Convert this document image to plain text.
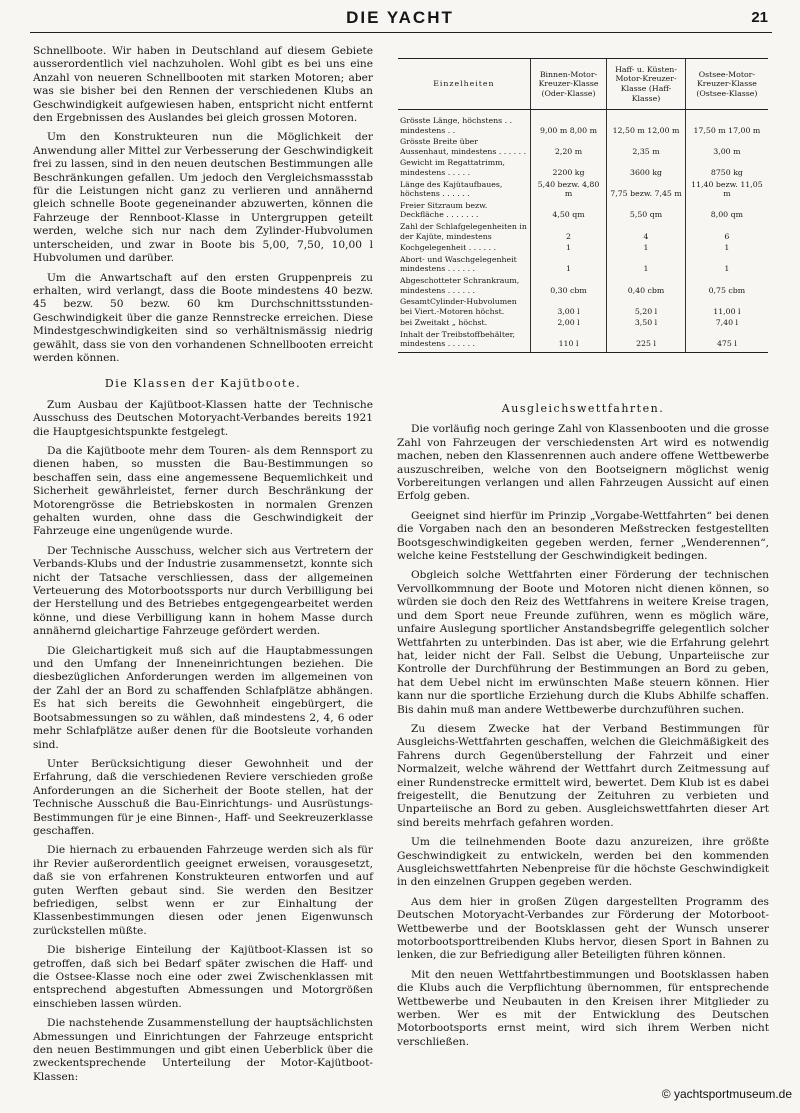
DIE YACHT	21

Schnellboote. Wir haben in Deutschland auf diesem Gebiete ausserordentlich viel nachzuholen. Wohl gibt es bei uns eine Anzahl von neueren Schnellbooten mit starken Motoren; aber was sie bisher bei den Rennen der verschiedenen Klubs an Geschwindigkeit aufgewiesen haben, entspricht nicht entfernt den Ergebnissen des Auslandes bei gleich grossen Motoren.

Um den Konstrukteuren nun die Möglichkeit der Anwendung aller Mittel zur Verbesserung der Geschwindigkeit frei zu lassen, sind in den neuen deutschen Bestimmungen alle Beschränkungen gefallen. Um jedoch den Vergleichsmassstab für die Leistungen nicht ganz zu verlieren und annähernd gleich schnelle Boote gegeneinander abzuwerten, können die Fahrzeuge der Rennboot-Klasse in Untergruppen geteilt werden, welche sich nur nach dem Zylinder-Hubvolumen unterscheiden, und zwar in Boote bis 5,00, 7,50, 10,00 l Hubvolumen und darüber.

Um die Anwartschaft auf den ersten Gruppenpreis zu erhalten, wird verlangt, dass die Boote mindestens 40 bezw. 45 bezw. 50 bezw. 60 km Durchschnittsstunden-Geschwindigkeit über die ganze Rennstrecke erreichen. Diese Mindestgeschwindigkeiten sind so verhältnismässig niedrig gewählt, dass sie von den vorhandenen Schnellbooten erreicht werden können.

Die Klassen der Kajütboote.

Zum Ausbau der Kajütboot-Klassen hatte der Technische Ausschuss des Deutschen Motoryacht-Verbandes bereits 1921 die Hauptgesichtspunkte festgelegt.

Da die Kajütboote mehr dem Touren- als dem Rennsport zu dienen haben, so mussten die Bau-Bestimmungen so beschaffen sein, dass eine angemessene Bequemlichkeit und Sicherheit gewährleistet, ferner durch Beschränkung der Motorengrösse die Betriebskosten in normalen Grenzen gehalten wurden, ohne dass die Geschwindigkeit der Fahrzeuge eine ungenügende wurde.

Der Technische Ausschuss, welcher sich aus Vertretern der Verbands-Klubs und der Industrie zusammensetzt, konnte sich nicht der Tatsache verschliessen, dass der allgemeinen Verteuerung des Motorbootssports nur durch Verbilligung bei der Herstellung und des Betriebes entgegengearbeitet werden könne, und diese Verbilligung kann in hohem Masse durch annähernd gleichartige Fahrzeuge gefördert werden.

Die Gleichartigkeit muß sich auf die Hauptabmessungen und den Umfang der Inneneinrichtungen beziehen. Die diesbezüglichen Anforderungen werden im allgemeinen von der Zahl der an Bord zu schaffenden Schlafplätze abhängen. Es hat sich bereits die Gewohnheit eingebürgert, die Bootsabmessungen so zu wählen, daß mindestens 2, 4, 6 oder mehr Schlafplätze außer denen für die Bootsleute vorhanden sind.

Unter Berücksichtigung dieser Gewohnheit und der Erfahrung, daß die verschiedenen Reviere verschieden große Anforderungen an die Sicherheit der Boote stellen, hat der Technische Ausschuß die Bau-Einrichtungs- und Ausrüstungs-Bestimmungen für je eine Binnen-, Haff- und Seekreuzerklasse geschaffen.

Die hiernach zu erbauenden Fahrzeuge werden sich als für ihr Revier außerordentlich geeignet erweisen, vorausgesetzt, daß sie von erfahrenen Konstrukteuren entworfen und auf guten Werften gebaut sind. Sie werden den Besitzer befriedigen, selbst wenn er zur Einhaltung der Klassenbestimmungen diesen oder jenen Eigenwunsch zurückstellen müßte.

Die bisherige Einteilung der Kajütboot-Klassen ist so getroffen, daß sich bei Bedarf später zwischen die Haff- und die Ostsee-Klasse noch eine oder zwei Zwischenklassen mit entsprechend abgestuften Abmessungen und Motorgrößen einschieben lassen würden.

Die nachstehende Zusammenstellung der hauptsächlichsten Abmessungen und Einrichtungen der Fahrzeuge entspricht den neuen Bestimmungen und gibt einen Ueberblick über die zweckentsprechende Unterteilung der Motor-Kajütboot-Klassen:

Einzelheiten	Binnen-Motor-Kreuzer-Klasse (Oder-Klasse)	Haff- u. Küsten-Motor-Kreuzer-Klasse (Haff-Klasse)	Ostsee-Motor-Kreuzer-Klasse (Ostsee-Klasse)
Grösste Länge, höchstens . . mindestens . .	9,00 m 8,00 m	12,50 m 12,00 m	17,50 m 17,00 m
Grösste Breite über Aussenhaut, mindestens . . . . . .	2,20 m	2,35 m	3,00 m
Gewicht im Regattatrimm, mindestens . . . . .	2200 kg	3600 kg	8750 kg
Länge des Kajütaufbaues, höchstens . . . . . .	5,40 bezw. 4,80 m	7,75 bezw. 7,45 m	11,40 bezw. 11,05 m
Freier Sitzraum bezw. Deckfläche . . . . . . .	4,50 qm	5,50 qm	8,00 qm
Zahl der Schlafgelegenheiten in der Kajüte, mindestens	2	4	6
Kochgelegenheit . . . . . .	1	1	1
Abort- und Waschgelegenheit mindestens . . . . . .	1	1	1
Abgeschotteter Schrankraum, mindestens . . . . . .	0,30 cbm	0,40 cbm	0,75 cbm
GesamtCylinder-Hubvolumen bei Viert.-Motoren höchst.	3,00 l	5,20 l	11,00 l
bei Zweitakt „ höchst.	2,00 l	3,50 l	7,40 l
Inhalt der Treibstoffbehälter, mindestens . . . . . .	110 l	225 l	475 l
Ausgleichswettfahrten.

Die vorläufig noch geringe Zahl von Klassenbooten und die grosse Zahl von Fahrzeugen der verschiedensten Art wird es notwendig machen, neben den Klassenrennen auch andere offene Wettbewerbe auszuschreiben, welche von den Bootseignern möglichst wenig Vorbereitungen verlangen und allen Fahrzeugen Aussicht auf einen Erfolg geben.

Geeignet sind hierfür im Prinzip „Vorgabe-Wettfahrten“ bei denen die Vorgaben nach den an besonderen Meßstrecken festgestellten Bootsgeschwindigkeiten gegeben werden, ferner „Wenderennen“, welche keine Feststellung der Geschwindigkeit bedingen.

Obgleich solche Wettfahrten einer Förderung der technischen Vervollkommnung der Boote und Motoren nicht dienen können, so würden sie doch den Reiz des Wettfahrens in weitere Kreise tragen, und dem Sport neue Freunde zuführen, wenn es möglich wäre, unfaire Auslegung sportlicher Anstandsbegriffe gelegentlich solcher Wettfahrten zu unterbinden. Das ist aber, wie die Erfahrung gelehrt hat, leider nicht der Fall. Selbst die Uebung, Unparteiische zur Kontrolle der Durchführung der Bestimmungen an Bord zu geben, hat dem Uebel nicht im erwünschten Maße steuern können. Hier kann nur die sportliche Erziehung durch die Klubs Abhilfe schaffen. Bis dahin muß man andere Wettbewerbe durchzuführen suchen.

Zu diesem Zwecke hat der Verband Bestimmungen für Ausgleichs-Wettfahrten geschaffen, welchen die Gleichmäßigkeit des Fahrens durch Gegenüberstellung der Fahrzeit und einer Normalzeit, welche während der Wettfahrt durch Zeitmessung auf einer Rundenstrecke ermittelt wird, bewertet. Dem Klub ist es dabei freigestellt, die Benutzung der Zeituhren zu verbieten und Unparteiische an Bord zu geben. Ausgleichswettfahrten dieser Art sind bereits mehrfach gefahren worden.

Um die teilnehmenden Boote dazu anzureizen, ihre größte Geschwindigkeit zu entwickeln, werden bei den kommenden Ausgleichswettfahrten Nebenpreise für die höchste Geschwindigkeit in den einzelnen Gruppen gegeben werden.

Aus dem hier in großen Zügen dargestellten Programm des Deutschen Motoryacht-Verbandes zur Förderung der Motorboot-Wettbewerbe und der Bootsklassen geht der Wunsch unserer motorbootsporttreibenden Klubs hervor, diesen Sport in Bahnen zu lenken, die zur Befriedigung aller Beteiligten führen können.

Mit den neuen Wettfahrtbestimmungen und Bootsklassen haben die Klubs auch die Verpflichtung übernommen, für entsprechende Wettbewerbe und Neubauten in den Kreisen ihrer Mitglieder zu werben. Wer es mit der Entwicklung des Deutschen Motorbootsports ernst meint, wird sich ihrem Werben nicht verschließen.

© yachtsportmuseum.de
